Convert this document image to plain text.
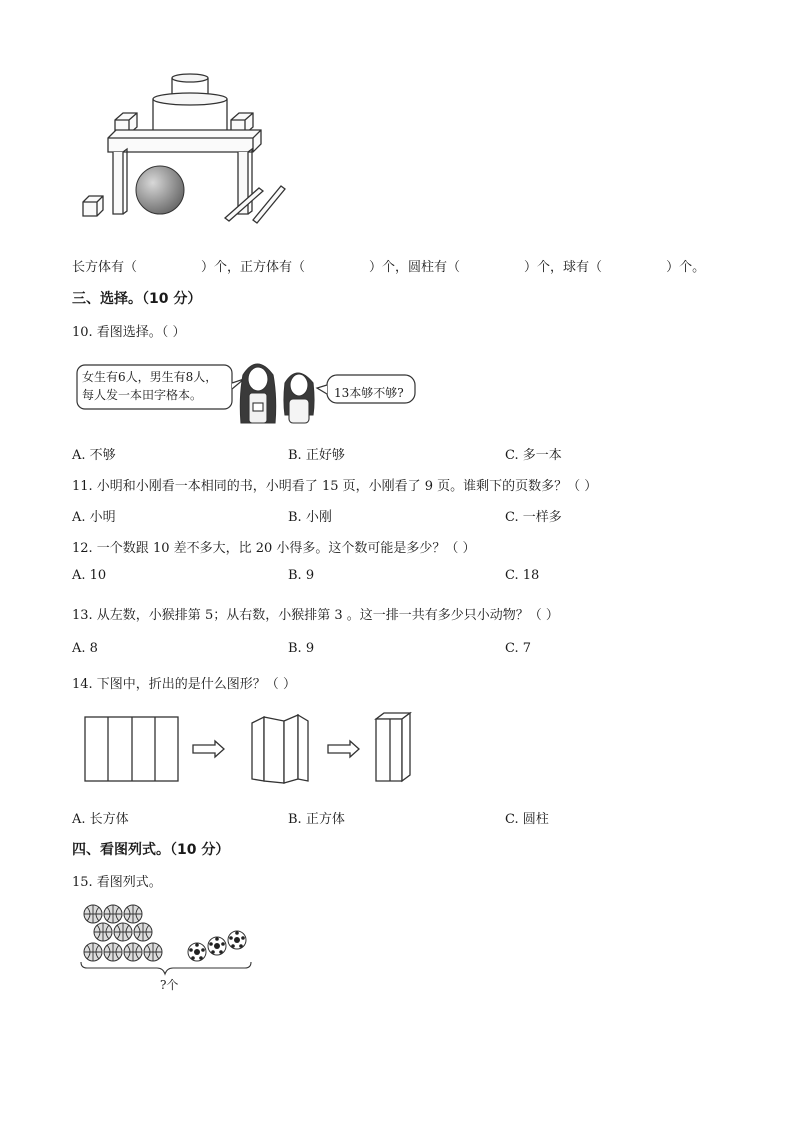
长方体有（	）个，正方体有（	）个，圆柱有（	）个，球有（	）个。
三、选择。（10 分）
10. 看图选择。（ ）
女生有6人，男生有8人，
每人发一本田字格本。	13本够不够?
A. 不够	B. 正好够	C. 多一本
11. 小明和小刚看一本相同的书，小明看了 15 页，小刚看了 9 页。谁剩下的页数多？（ ）
A. 小明	B. 小刚	C. 一样多
12. 一个数跟 10 差不多大，比 20 小得多。这个数可能是多少？（ ）
A. 10	B. 9	C. 18
13. 从左数，小猴排第 5；从右数，小猴排第 3 。这一排一共有多少只小动物？（ ）
A. 8	B. 9	C. 7
14. 下图中，折出的是什么图形？（ ）
A. 长方体	B. 正方体	C. 圆柱
四、看图列式。（10 分）
15. 看图列式。
?个
